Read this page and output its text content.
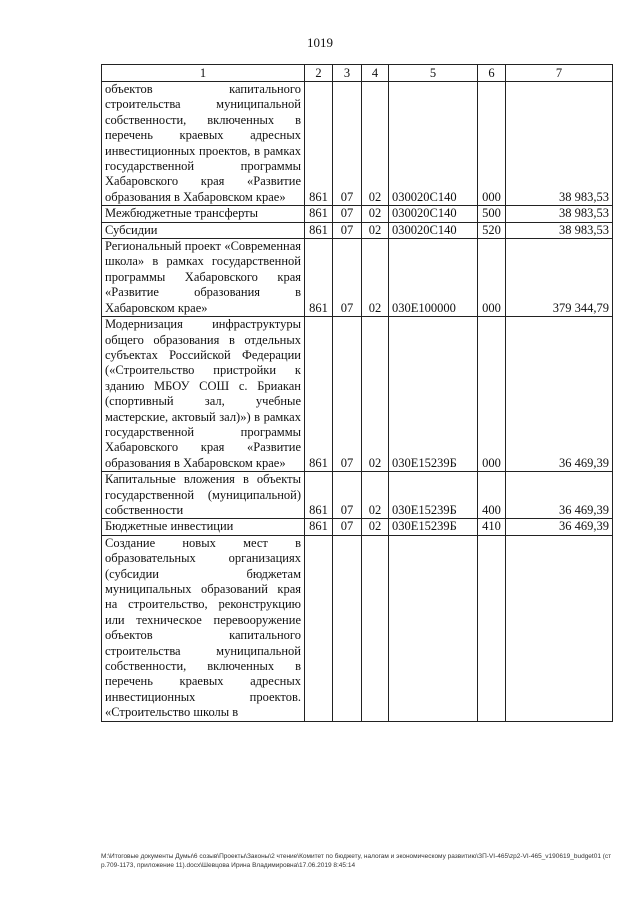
1019
1	2	3	4	5	6	7
объектов капитального строительства муниципальной собственности, включенных в перечень краевых адресных инвестиционных проектов, в рамках государственной программы Хабаровского края «Развитие образования в Хабаровском крае»	861	07	02	030020С140	000	38 983,53
Межбюджетные трансферты	861	07	02	030020С140	500	38 983,53
Субсидии	861	07	02	030020С140	520	38 983,53
Региональный проект «Современная школа» в рамках государственной программы Хабаровского края «Развитие образования в Хабаровском крае»	861	07	02	030Е100000	000	379 344,79
Модернизация инфраструктуры общего образования в отдельных субъектах Российской Федерации («Строительство пристройки к зданию МБОУ СОШ с. Бриакан (спортивный зал, учебные мастерские, актовый зал)») в рамках государственной программы Хабаровского края «Развитие образования в Хабаровском крае»	861	07	02	030Е15239Б	000	36 469,39
Капитальные вложения в объекты государственной (муниципальной) собственности	861	07	02	030Е15239Б	400	36 469,39
Бюджетные инвестиции	861	07	02	030Е15239Б	410	36 469,39
Создание новых мест в образовательных организациях (субсидии бюджетам муниципальных образований края на строительство, реконструкцию или техническое перевооружение объектов капитального строительства муниципальной собственности, включенных в перечень краевых адресных инвестиционных проектов. «Строительство школы в						
М:\Итоговые документы Думы\6 созыв\Проекты\Законы\2 чтение\Комитет по бюджету, налогам и экономическому развитию\ЗП-VI-465\zp2-VI-465_v190619_budget01 (стр.709-1173, приложение 11).docx\Шевцова Ирина Владимировна\17.06.2019 8:45:14
